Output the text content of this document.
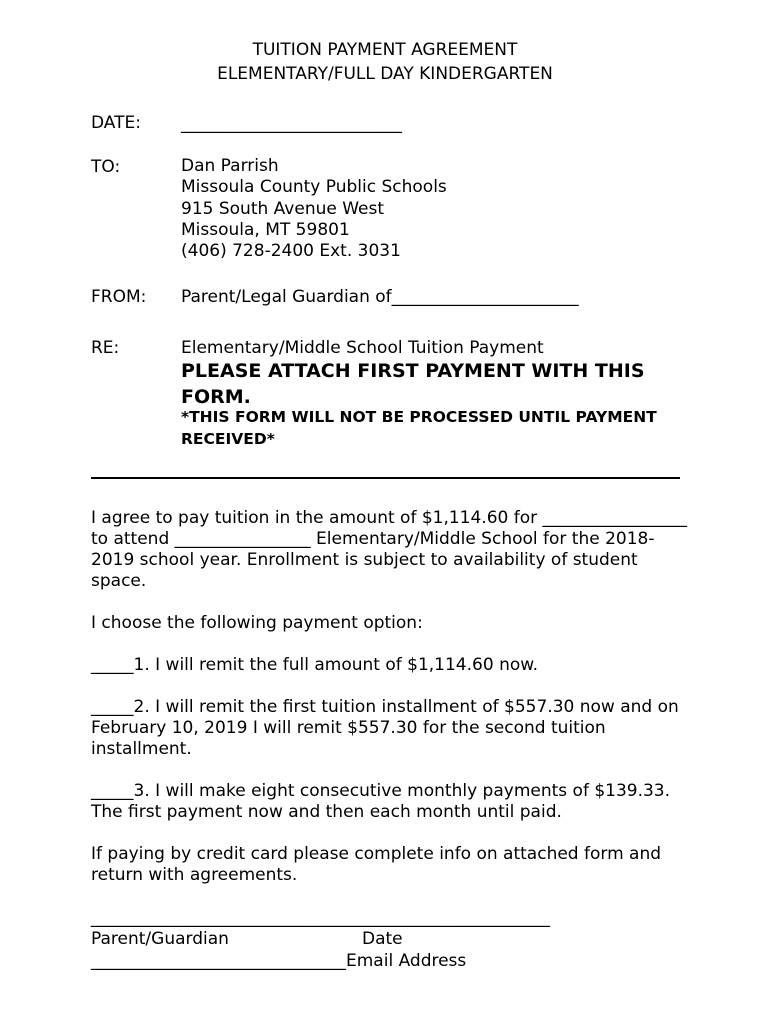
TUITION PAYMENT AGREEMENT
ELEMENTARY/FULL DAY KINDERGARTEN
DATE: __________________________
TO:	Dan Parrish
Missoula County Public Schools
915 South Avenue West
Missoula, MT 59801
(406) 728-2400 Ext. 3031
FROM: Parent/Legal Guardian of______________________
RE:	Elementary/Middle School Tuition Payment
PLEASE ATTACH FIRST PAYMENT WITH THIS FORM.
*THIS FORM WILL NOT BE PROCESSED UNTIL PAYMENT RECEIVED*
I agree to pay tuition in the amount of $1,114.60 for _________________ to attend ________________ Elementary/Middle School for the 2018-2019 school year. Enrollment is subject to availability of student space.
I choose the following payment option:
_____1. I will remit the full amount of $1,114.60 now.
_____2. I will remit the first tuition installment of $557.30 now and on February 10, 2019 I will remit $557.30 for the second tuition installment.
_____3. I will make eight consecutive monthly payments of $139.33. The first payment now and then each month until paid.
If paying by credit card please complete info on attached form and return with agreements.
______________________________________________________
Parent/Guardian	Date
______________________________Email Address
